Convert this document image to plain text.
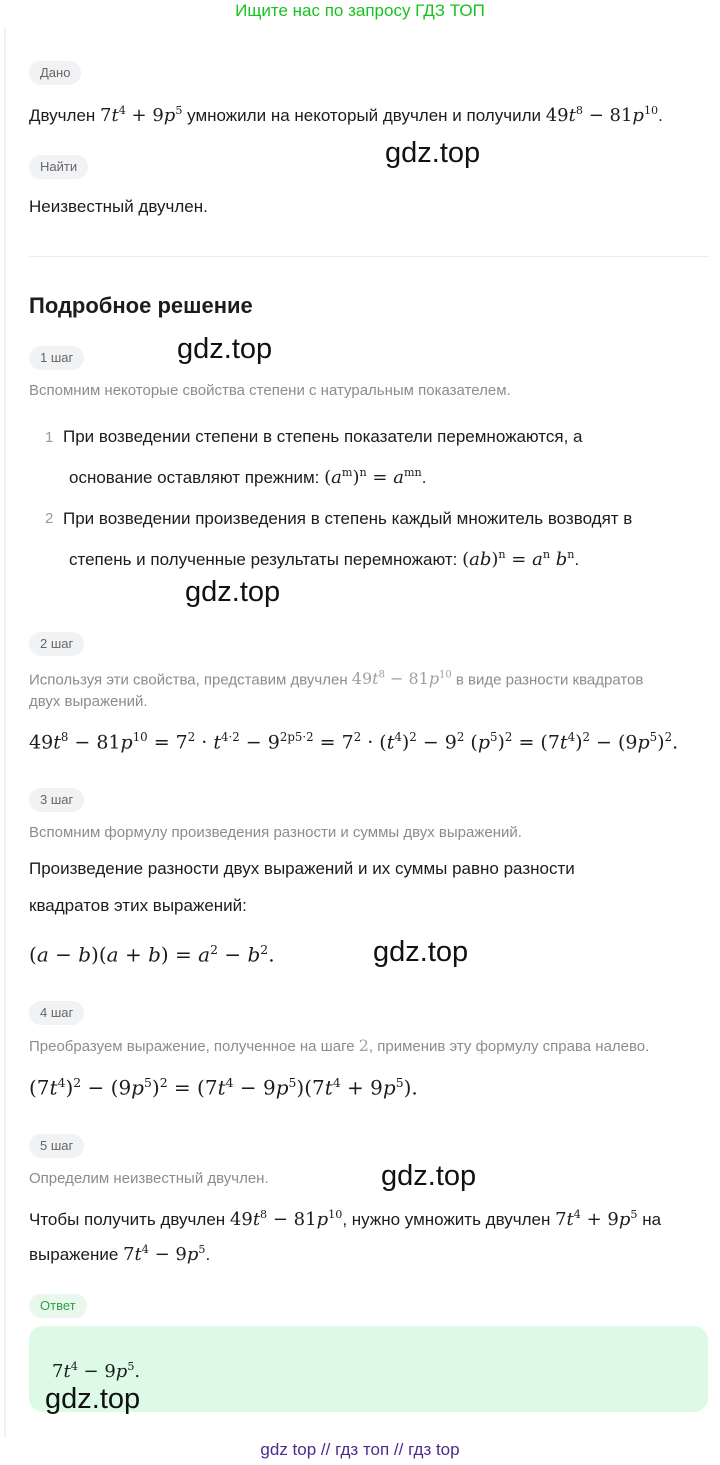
Ищите нас по запросу ГДЗ ТОП
Дано
Двучлен $7t^4 + 9p^5$ умножили на некоторый двучлен и получили $49t^8 - 81p^{10}$.
Найти
Неизвестный двучлен.
Подробное решение
1 шаг
Вспомним некоторые свойства степени с натуральным показателем.
1 При возведении степени в степень показатели перемножаются, а
основание оставляют прежним: $(a^m)^n = a^{mn}$.
2 При возведении произведения в степень каждый множитель возводят в
степень и полученные результаты перемножают: $(ab)^n = a^n$ $b^n$.
2 шаг
Используя эти свойства, представим двучлен $49t^8 - 81p^{10}$ в виде разности квадратов
двух выражений.
$49t^8 - 81p^{10} = 7^2 \cdot t^{4\cdot 2} - 9^{2p5\cdot 2} = 7^2 \cdot (t^4)^2 - 9^2$ $(p^5)^2 = (7t^4)^2 - (9p^5)^2$.
3 шаг
Вспомним формулу произведения разности и суммы двух выражений.
Произведение разности двух выражений и их суммы равно разности
квадратов этих выражений:
$(a - b)(a + b) = a^2 - b^2$.
4 шаг
Преобразуем выражение, полученное на шаге 2, применив эту формулу справа налево.
$(7t^4)^2 - (9p^5)^2 = (7t^4 - 9p^5)(7t^4 + 9p^5)$.
5 шаг
Определим неизвестный двучлен.
Чтобы получить двучлен $49t^8 - 81p^{10}$, нужно умножить двучлен $7t^4 + 9p^5$ на
выражение $7t^4 - 9p^5$.
Ответ
$7t^4 - 9p^5$.
gdz.top
gdz.top
gdz.top
gdz.top
gdz.top
gdz.top
gdz top // гдз топ // гдз top
